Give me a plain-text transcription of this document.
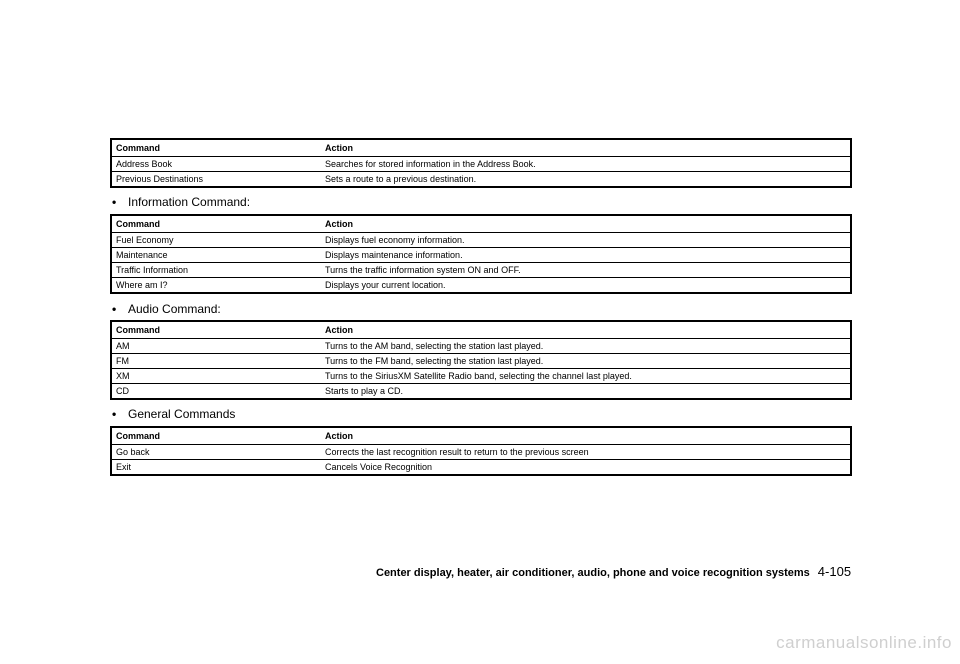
Command	Action
Address Book	Searches for stored information in the Address Book.
Previous Destinations	Sets a route to a previous destination.
• Information Command:
Command	Action
Fuel Economy	Displays fuel economy information.
Maintenance	Displays maintenance information.
Traffic Information	Turns the traffic information system ON and OFF.
Where am I?	Displays your current location.
• Audio Command:
Command	Action
AM	Turns to the AM band, selecting the station last played.
FM	Turns to the FM band, selecting the station last played.
XM	Turns to the SiriusXM Satellite Radio band, selecting the channel last played.
CD	Starts to play a CD.
• General Commands
Command	Action
Go back	Corrects the last recognition result to return to the previous screen
Exit	Cancels Voice Recognition
Center display, heater, air conditioner, audio, phone and voice recognition systems 4-105
carmanualsonline.info
